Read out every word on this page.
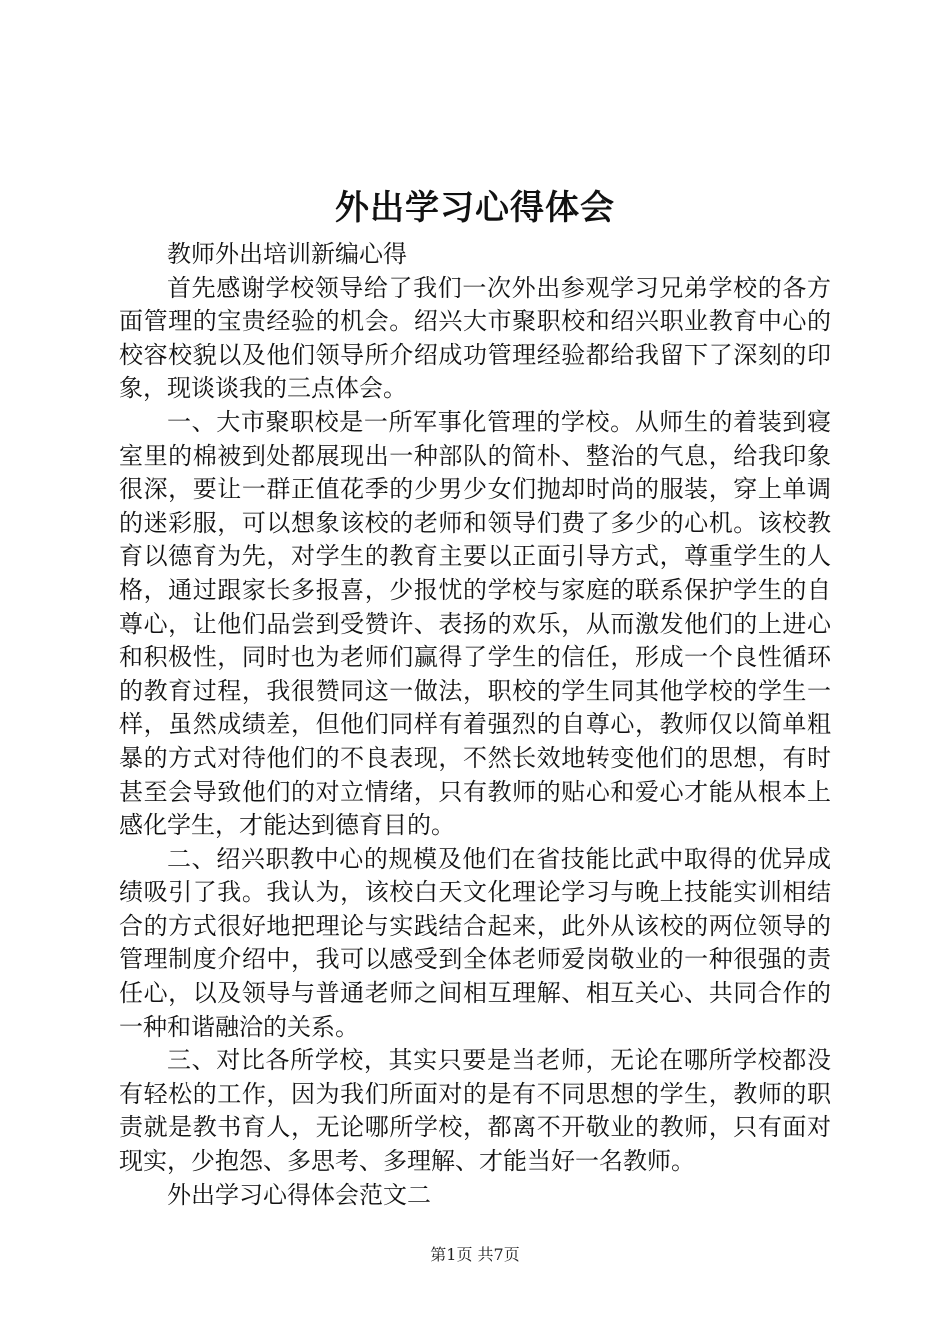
外出学习心得体会

教师外出培训新编心得

首先感谢学校领导给了我们一次外出参观学习兄弟学校的各方面管理的宝贵经验的机会。绍兴大市聚职校和绍兴职业教育中心的校容校貌以及他们领导所介绍成功管理经验都给我留下了深刻的印象，现谈谈我的三点体会。

一、大市聚职校是一所军事化管理的学校。从师生的着装到寝室里的棉被到处都展现出一种部队的简朴、整治的气息，给我印象很深，要让一群正值花季的少男少女们抛却时尚的服装，穿上单调的迷彩服，可以想象该校的老师和领导们费了多少的心机。该校教育以德育为先，对学生的教育主要以正面引导方式，尊重学生的人格，通过跟家长多报喜，少报忧的学校与家庭的联系保护学生的自尊心，让他们品尝到受赞许、表扬的欢乐，从而激发他们的上进心和积极性，同时也为老师们赢得了学生的信任，形成一个良性循环的教育过程，我很赞同这一做法，职校的学生同其他学校的学生一样，虽然成绩差，但他们同样有着强烈的自尊心，教师仅以简单粗暴的方式对待他们的不良表现，不然长效地转变他们的思想，有时甚至会导致他们的对立情绪，只有教师的贴心和爱心才能从根本上感化学生，才能达到德育目的。

二、绍兴职教中心的规模及他们在省技能比武中取得的优异成绩吸引了我。我认为，该校白天文化理论学习与晚上技能实训相结合的方式很好地把理论与实践结合起来，此外从该校的两位领导的管理制度介绍中，我可以感受到全体老师爱岗敬业的一种很强的责任心，以及领导与普通老师之间相互理解、相互关心、共同合作的一种和谐融洽的关系。

三、对比各所学校，其实只要是当老师，无论在哪所学校都没有轻松的工作，因为我们所面对的是有不同思想的学生，教师的职责就是教书育人，无论哪所学校，都离不开敬业的教师，只有面对现实，少抱怨、多思考、多理解、才能当好一名教师。

外出学习心得体会范文二

第1页 共7页
